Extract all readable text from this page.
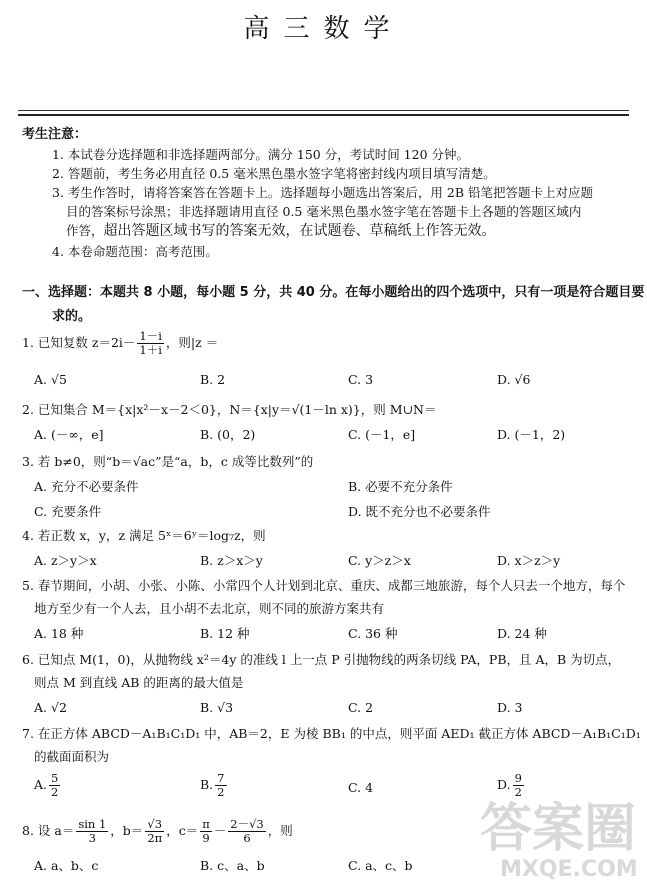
高三数学
考生注意：
1. 本试卷分选择题和非选择题两部分。满分 150 分，考试时间 120 分钟。
2. 答题前，考生务必用直径 0.5 毫米黑色墨水签字笔将密封线内项目填写清楚。
3. 考生作答时，请将答案答在答题卡上。选择题每小题选出答案后，用 2B 铅笔把答题卡上对应题
目的答案标号涂黑；非选择题请用直径 0.5 毫米黑色墨水签字笔在答题卡上各题的答题区域内
作答，超出答题区域书写的答案无效，在试题卷、草稿纸上作答无效。
4. 本卷命题范围：高考范围。
一、选择题：本题共 8 小题，每小题 5 分，共 40 分。在每小题给出的四个选项中，只有一项是符合题目要
求的。
1. 已知复数 $z=2i- \frac{1-i}{1+i}$ ，则|z ＝
A. √5	B. 2	C. 3	D. √6
2. 已知集合 M＝{x|x²－x－2＜0}，N＝{x|y＝√(1－ln x)}，则 M∪N＝
A. (－∞，e]	B. (0，2)	C. (－1，e]	D. (－1，2)
3. 若 b≠0，则“b＝√ac”是“a，b，c 成等比数列”的
A. 充分不必要条件	B. 必要不充分条件
C. 充要条件	D. 既不充分也不必要条件
4. 若正数 x，y，z 满足 5ˣ＝6ʸ＝log₇z，则
A. z＞y＞x	B. z＞x＞y	C. y＞z＞x	D. x＞z＞y
5. 春节期间，小胡、小张、小陈、小常四个人计划到北京、重庆、成都三地旅游，每个人只去一个地方，每个
地方至少有一个人去，且小胡不去北京，则不同的旅游方案共有
A. 18 种	B. 12 种	C. 36 种	D. 24 种
6. 已知点 M(1，0)，从抛物线 x²＝4y 的准线 l 上一点 P 引抛物线的两条切线 PA，PB，且 A，B 为切点，
则点 M 到直线 AB 的距离的最大值是
A. √2	B. √3	C. 2	D. 3
7. 在正方体 ABCD－A₁B₁C₁D₁ 中，AB＝2，E 为棱 BB₁ 的中点，则平面 AED₁ 截正方体 ABCD－A₁B₁C₁D₁
的截面面积为
A. $\frac{5}{2}$	B. $\frac{7}{2}$	C. 4	D. $\frac{9}{2}$
8. 设 $a= \frac{\sin 1}{3}$ ，$b= \frac{√3}{2\pi}$ ，$c= \frac{\pi}{9} - \frac{2-√3}{6}$ ，则
A. a、b、c	B. c、a、b	C. a、c、b
答案圈
MXQE.COM
